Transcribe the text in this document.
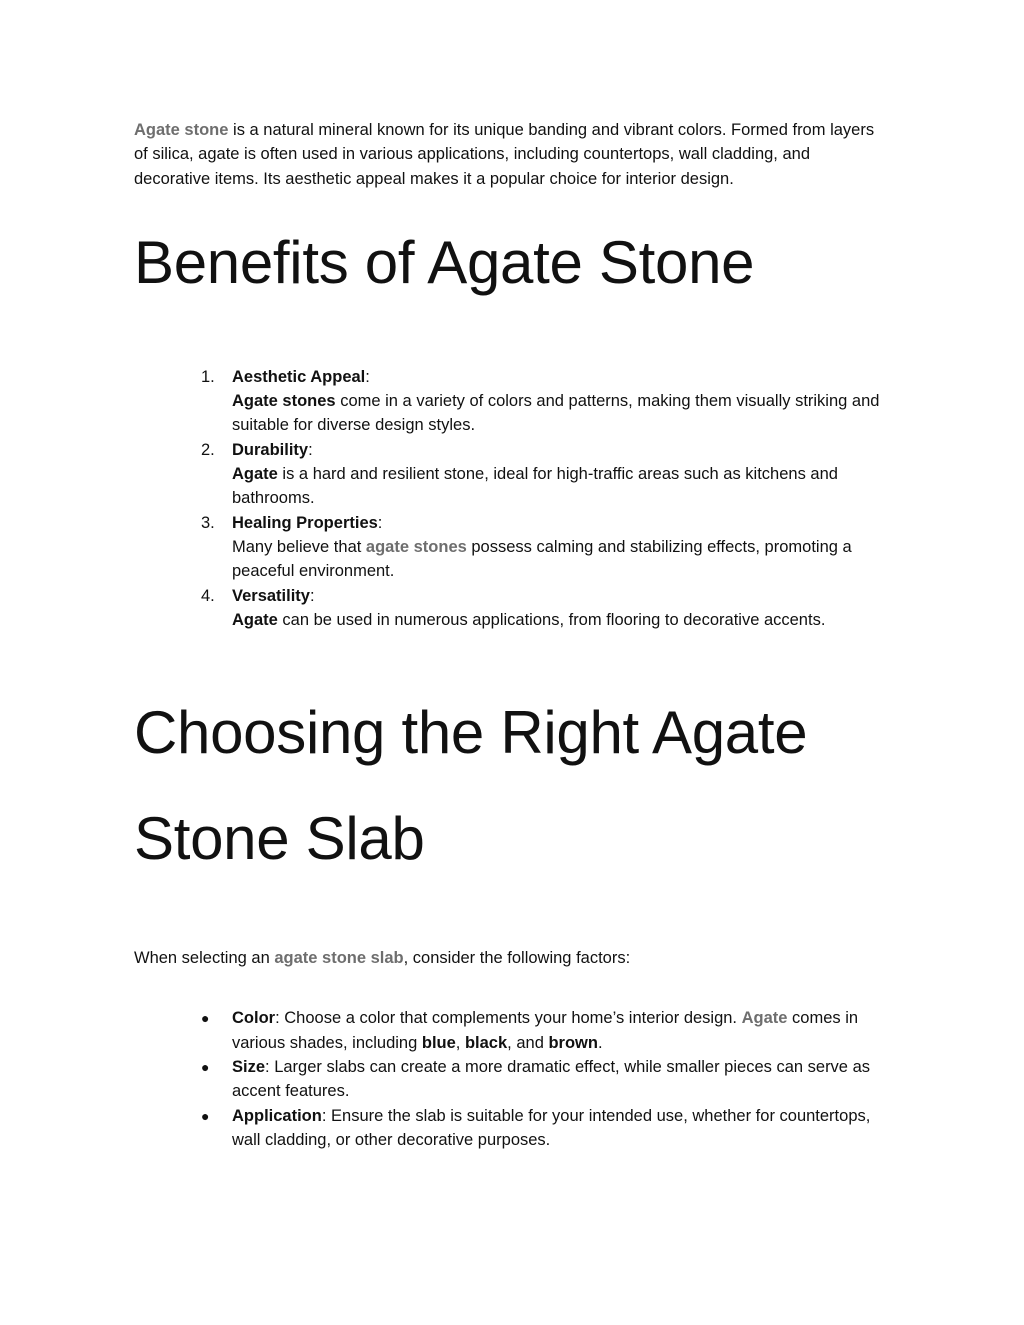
Agate stone is a natural mineral known for its unique banding and vibrant colors. Formed from layers of silica, agate is often used in various applications, including countertops, wall cladding, and decorative items. Its aesthetic appeal makes it a popular choice for interior design.

Benefits of Agate Stone
1.	Aesthetic Appeal:
Agate stones come in a variety of colors and patterns, making them visually striking and suitable for diverse design styles.
2.	Durability:
Agate is a hard and resilient stone, ideal for high-traffic areas such as kitchens and bathrooms.
3.	Healing Properties:
Many believe that agate stones possess calming and stabilizing effects, promoting a peaceful environment.
4.	Versatility:
Agate can be used in numerous applications, from flooring to decorative accents.
Choosing the Right Agate
Stone Slab

When selecting an agate stone slab, consider the following factors:

● Color: Choose a color that complements your home’s interior design. Agate comes in various shades, including blue, black, and brown.
● Size: Larger slabs can create a more dramatic effect, while smaller pieces can serve as accent features.
● Application: Ensure the slab is suitable for your intended use, whether for countertops, wall cladding, or other decorative purposes.
